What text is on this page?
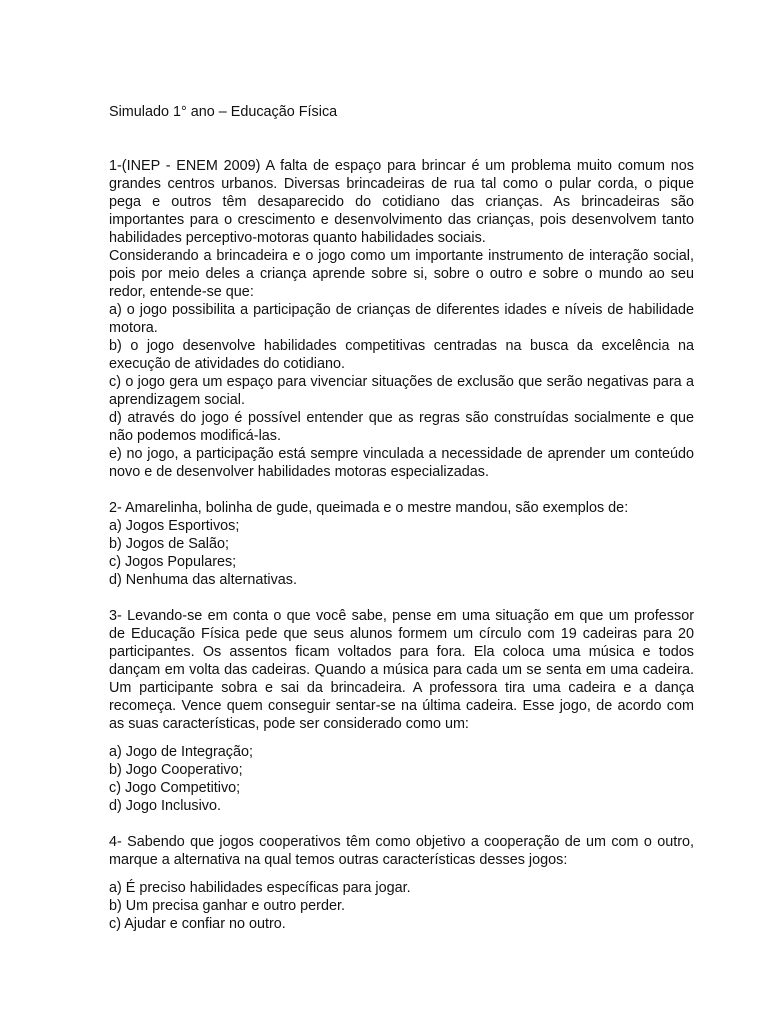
Simulado 1° ano – Educação Física

1-(INEP - ENEM 2009) A falta de espaço para brincar é um problema muito comum nos grandes centros urbanos. Diversas brincadeiras de rua tal como o pular corda, o pique pega e outros têm desaparecido do cotidiano das crianças. As brincadeiras são importantes para o crescimento e desenvolvimento das crianças, pois desenvolvem tanto habilidades perceptivo-motoras quanto habilidades sociais.

Considerando a brincadeira e o jogo como um importante instrumento de interação social, pois por meio deles a criança aprende sobre si, sobre o outro e sobre o mundo ao seu redor, entende-se que:

a) o jogo possibilita a participação de crianças de diferentes idades e níveis de habilidade motora.
b) o jogo desenvolve habilidades competitivas centradas na busca da excelência na execução de atividades do cotidiano.
c) o jogo gera um espaço para vivenciar situações de exclusão que serão negativas para a aprendizagem social.
d) através do jogo é possível entender que as regras são construídas socialmente e que não podemos modificá-las.
e) no jogo, a participação está sempre vinculada a necessidade de aprender um conteúdo novo e de desenvolver habilidades motoras especializadas.

2- Amarelinha, bolinha de gude, queimada e o mestre mandou, são exemplos de:

a) Jogos Esportivos;
b) Jogos de Salão;
c) Jogos Populares;
d) Nenhuma das alternativas.

3- Levando-se em conta o que você sabe, pense em uma situação em que um professor de Educação Física pede que seus alunos formem um círculo com 19 cadeiras para 20 participantes. Os assentos ficam voltados para fora. Ela coloca uma música e todos dançam em volta das cadeiras. Quando a música para cada um se senta em uma cadeira. Um participante sobra e sai da brincadeira. A professora tira uma cadeira e a dança recomeça. Vence quem conseguir sentar-se na última cadeira. Esse jogo, de acordo com as suas características, pode ser considerado como um:

a) Jogo de Integração;
b) Jogo Cooperativo;
c) Jogo Competitivo;
d) Jogo Inclusivo.

4- Sabendo que jogos cooperativos têm como objetivo a cooperação de um com o outro, marque a alternativa na qual temos outras características desses jogos:

a) É preciso habilidades específicas para jogar.
b) Um precisa ganhar e outro perder.
c) Ajudar e confiar no outro.
